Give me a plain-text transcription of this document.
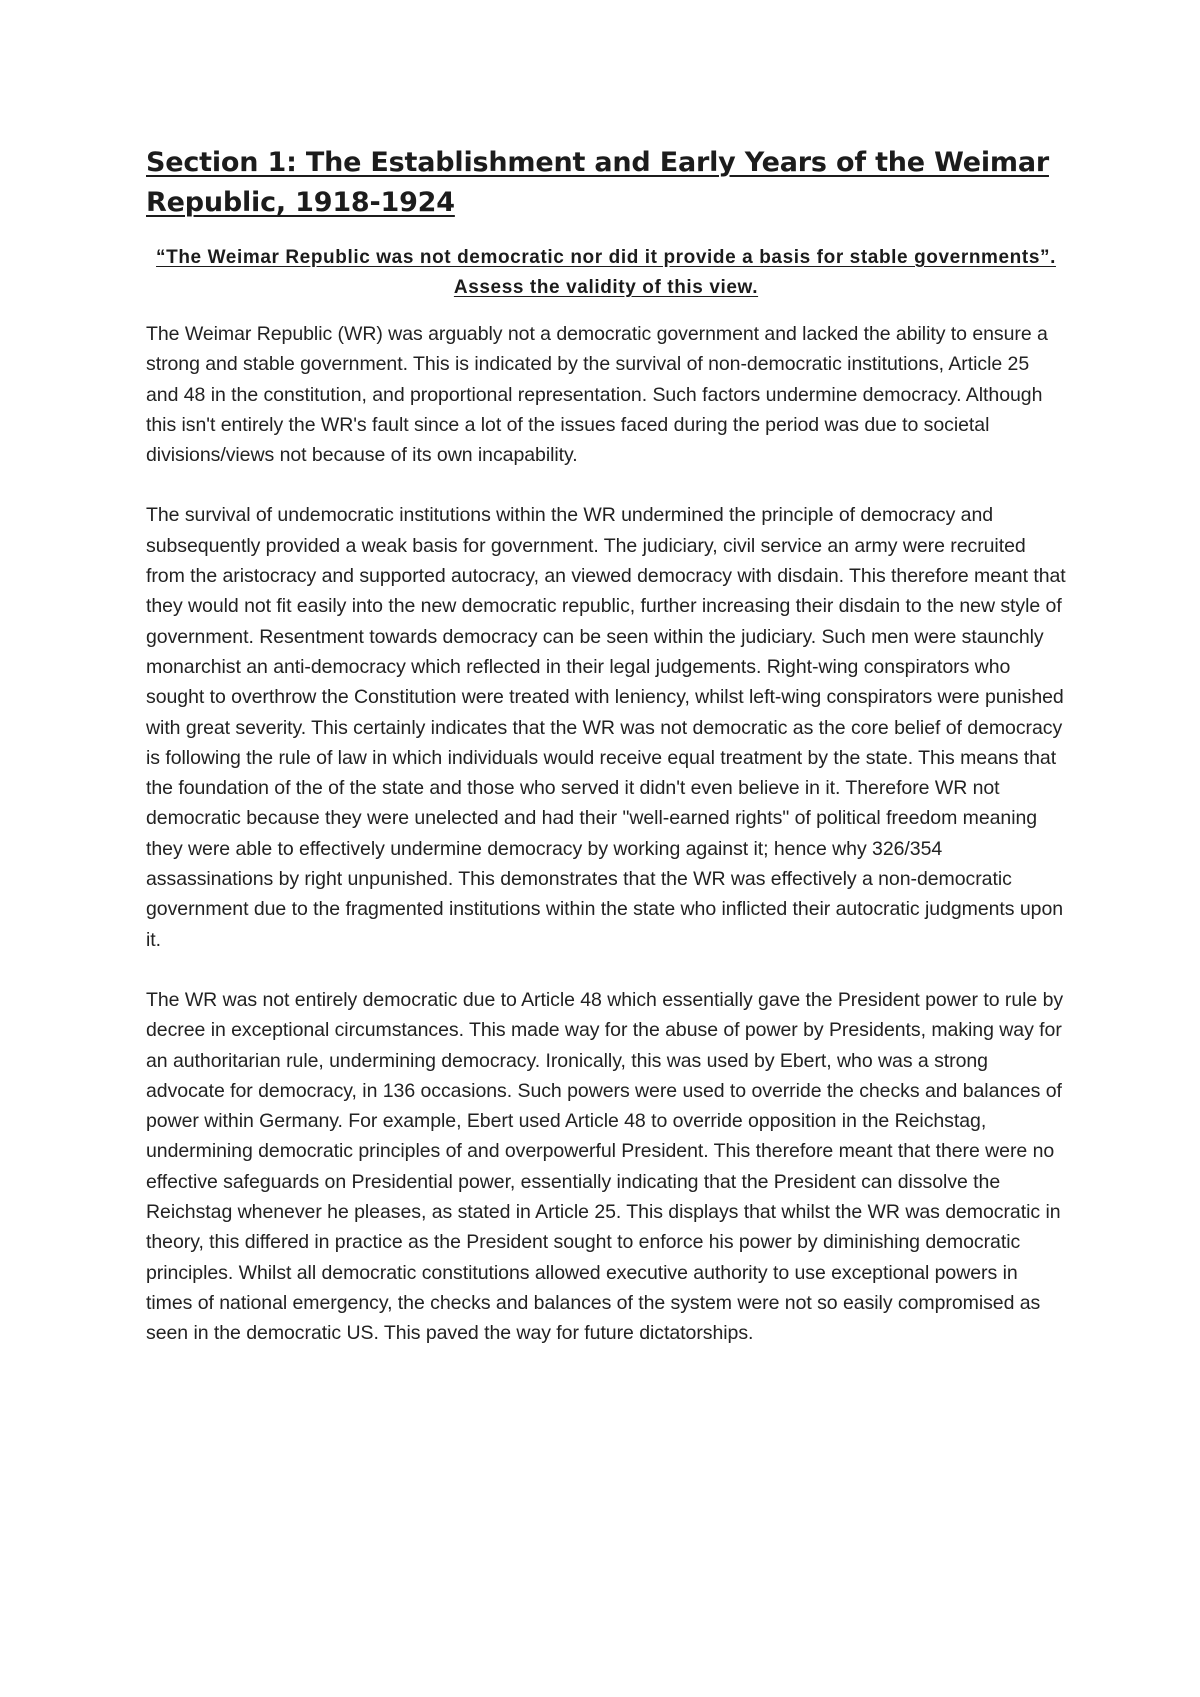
Section 1: The Establishment and Early Years of the Weimar Republic, 1918-1924
“The Weimar Republic was not democratic nor did it provide a basis for stable governments”. Assess the validity of this view.

The Weimar Republic (WR) was arguably not a democratic government and lacked the ability to ensure a strong and stable government. This is indicated by the survival of non-democratic institutions, Article 25 and 48 in the constitution, and proportional representation. Such factors undermine democracy. Although this isn't entirely the WR's fault since a lot of the issues faced during the period was due to societal divisions/views not because of its own incapability.

The survival of undemocratic institutions within the WR undermined the principle of democracy and subsequently provided a weak basis for government. The judiciary, civil service an army were recruited from the aristocracy and supported autocracy, an viewed democracy with disdain. This therefore meant that they would not fit easily into the new democratic republic, further increasing their disdain to the new style of government. Resentment towards democracy can be seen within the judiciary. Such men were staunchly monarchist an anti-democracy which reflected in their legal judgements. Right-wing conspirators who sought to overthrow the Constitution were treated with leniency, whilst left-wing conspirators were punished with great severity. This certainly indicates that the WR was not democratic as the core belief of democracy is following the rule of law in which individuals would receive equal treatment by the state. This means that the foundation of the of the state and those who served it didn't even believe in it. Therefore WR not democratic because they were unelected and had their "well-earned rights" of political freedom meaning they were able to effectively undermine democracy by working against it; hence why 326/354 assassinations by right unpunished. This demonstrates that the WR was effectively a non-democratic government due to the fragmented institutions within the state who inflicted their autocratic judgments upon it.

The WR was not entirely democratic due to Article 48 which essentially gave the President power to rule by decree in exceptional circumstances. This made way for the abuse of power by Presidents, making way for an authoritarian rule, undermining democracy. Ironically, this was used by Ebert, who was a strong advocate for democracy, in 136 occasions. Such powers were used to override the checks and balances of power within Germany. For example, Ebert used Article 48 to override opposition in the Reichstag, undermining democratic principles of and overpowerful President. This therefore meant that there were no effective safeguards on Presidential power, essentially indicating that the President can dissolve the Reichstag whenever he pleases, as stated in Article 25. This displays that whilst the WR was democratic in theory, this differed in practice as the President sought to enforce his power by diminishing democratic principles. Whilst all democratic constitutions allowed executive authority to use exceptional powers in times of national emergency, the checks and balances of the system were not so easily compromised as seen in the democratic US. This paved the way for future dictatorships.
